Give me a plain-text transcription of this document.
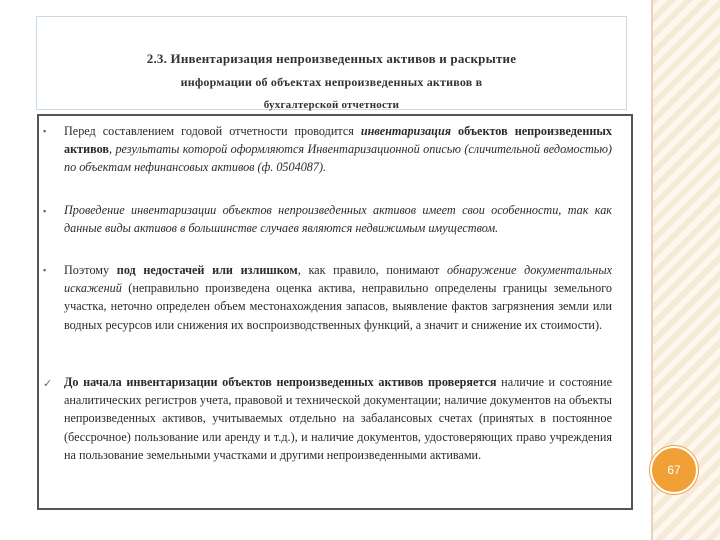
2.3. Инвентаризация непроизведенных активов и раскрытие
информации об объектах непроизведенных активов в
бухгалтерской отчетности
▪ Перед составлением годовой отчетности проводится инвентаризация объектов непроизведенных активов, результаты которой оформляются Инвентаризационной описью (сличительной ведомостью) по объектам нефинансовых активов (ф. 0504087).

▪ Проведение инвентаризации объектов непроизведенных активов имеет свои особенности, так как данные виды активов в большинстве случаев являются недвижимым имуществом.

▪ Поэтому под недостачей или излишком, как правило, понимают обнаружение документальных искажений (неправильно произведена оценка актива, неправильно определены границы земельного участка, неточно определен объем местонахождения запасов, выявление фактов загрязнения земли или водных ресурсов или снижения их воспроизводственных функций, а значит и снижение их стоимости).

✓ До начала инвентаризации объектов непроизведенных активов проверяется наличие и состояние аналитических регистров учета, правовой и технической документации; наличие документов на объекты непроизведенных активов, учитываемых отдельно на забалансовых счетах (принятых в постоянное (бессрочное) пользование или аренду и т.д.), и наличие документов, удостоверяющих право учреждения на пользование земельными участками и другими непроизведенными активами.

67
